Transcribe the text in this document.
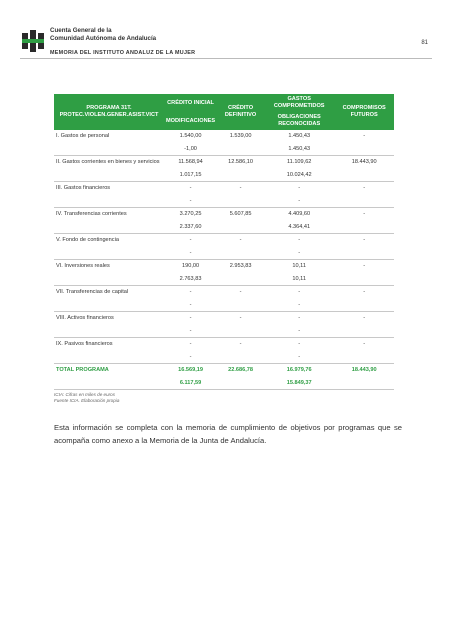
Cuenta General de la
Comunidad Autónoma de Andalucía
81
MEMORIA DEL INSTITUTO ANDALUZ DE LA MUJER
PROGRAMA 31T. PROTEC.VIOLEN.GENER.ASIST.VICT	CRÉDITO INICIAL	CRÉDITO DEFINITIVO	GASTOS COMPROMETIDOS	COMPROMISOS FUTUROS
	MODIFICACIONES		OBLIGACIONES RECONOCIDAS	
I. Gastos de personal	1.540,00	1.539,00	1.450,43	-
	-1,00		1.450,43	
II. Gastos corrientes en bienes y servicios	11.568,94	12.586,10	11.109,62	18.443,90
	1.017,15		10.024,42	
III. Gastos financieros	-	-	-	-
	-		-	
IV. Transferencias corrientes	3.270,25	5.607,85	4.409,60	-
	2.337,60		4.364,41	
V. Fondo de contingencia	-	-	-	-
	-		-	
VI. Inversiones reales	190,00	2.953,83	10,11	-
	2.763,83		10,11	
VII. Transferencias de capital	-	-	-	-
	-		-	
VIII. Activos financieros	-	-	-	-
	-		-	
IX. Pasivos financieros	-	-	-	-
	-		-	
TOTAL PROGRAMA	16.569,19	22.686,78	16.979,76	18.443,90
	6.117,59		15.849,37	
ICIA: Cifras en miles de euros
Fuente ICIA. Elaboración propia
Esta información se completa con la memoria de cumplimiento de objetivos por programas que se acompaña como anexo a la Memoria de la Junta de Andalucía.
